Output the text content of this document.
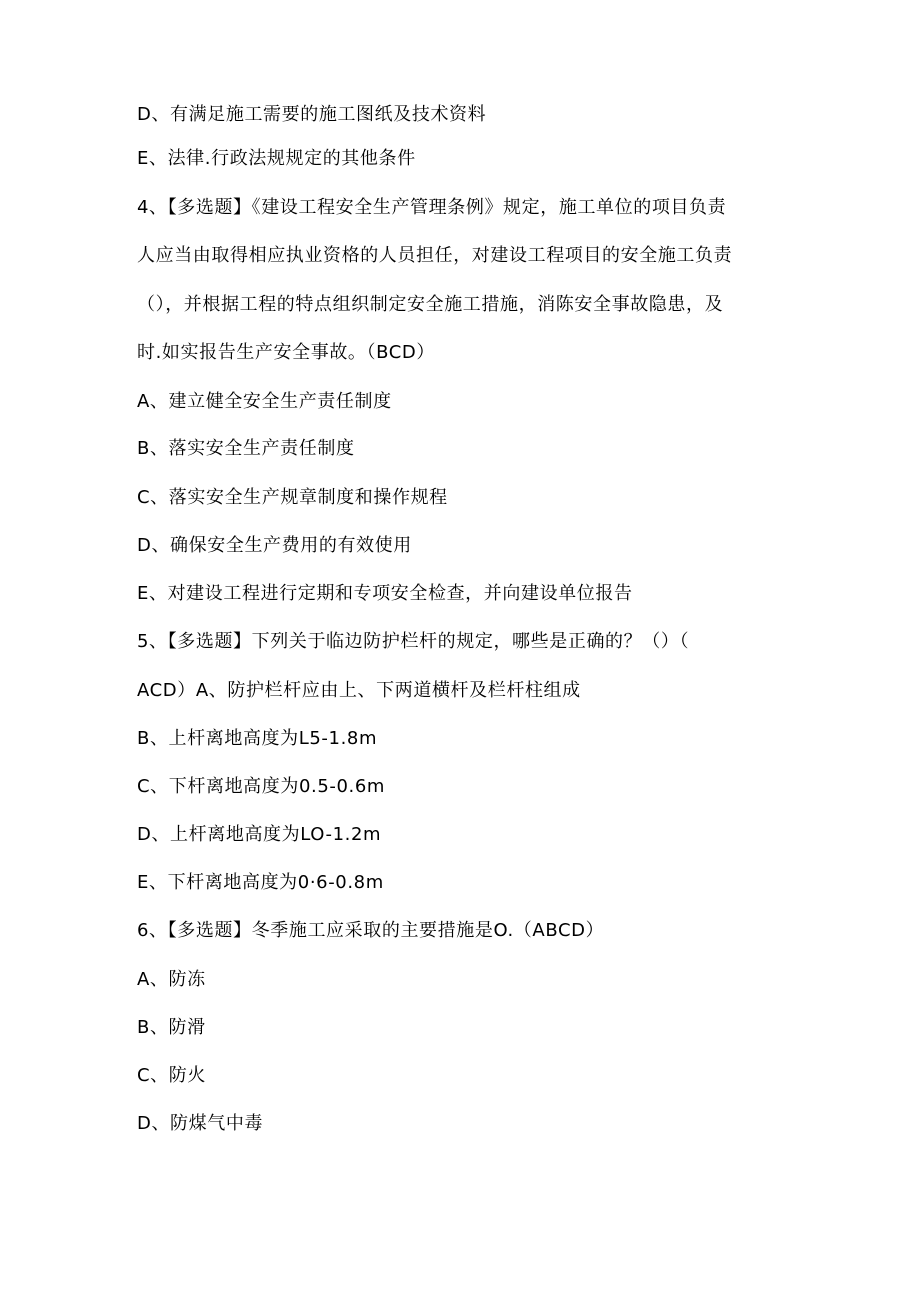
D、有满足施工需要的施工图纸及技术资料
E、法律.行政法规规定的其他条件
4、【多选题】《建设工程安全生产管理条例》规定，施工单位的项目负责
人应当由取得相应执业资格的人员担任，对建设工程项目的安全施工负责
（），并根据工程的特点组织制定安全施工措施，消陈安全事故隐患，及
时.如实报告生产安全事故。（BCD）
A、建立健全安全生产责任制度
B、落实安全生产责任制度
C、落实安全生产规章制度和操作规程
D、确保安全生产费用的有效使用
E、对建设工程进行定期和专项安全检查，并向建设单位报告
5、【多选题】下列关于临边防护栏杆的规定，哪些是正确的？（）（
ACD）A、防护栏杆应由上、下两道横杆及栏杆柱组成
B、上杆离地高度为L5-1.8m
C、下杆离地高度为0.5-0.6m
D、上杆离地高度为LO-1.2m
E、下杆离地高度为0·6-0.8m
6、【多选题】冬季施工应采取的主要措施是O.（ABCD）
A、防冻
B、防滑
C、防火
D、防煤气中毒
